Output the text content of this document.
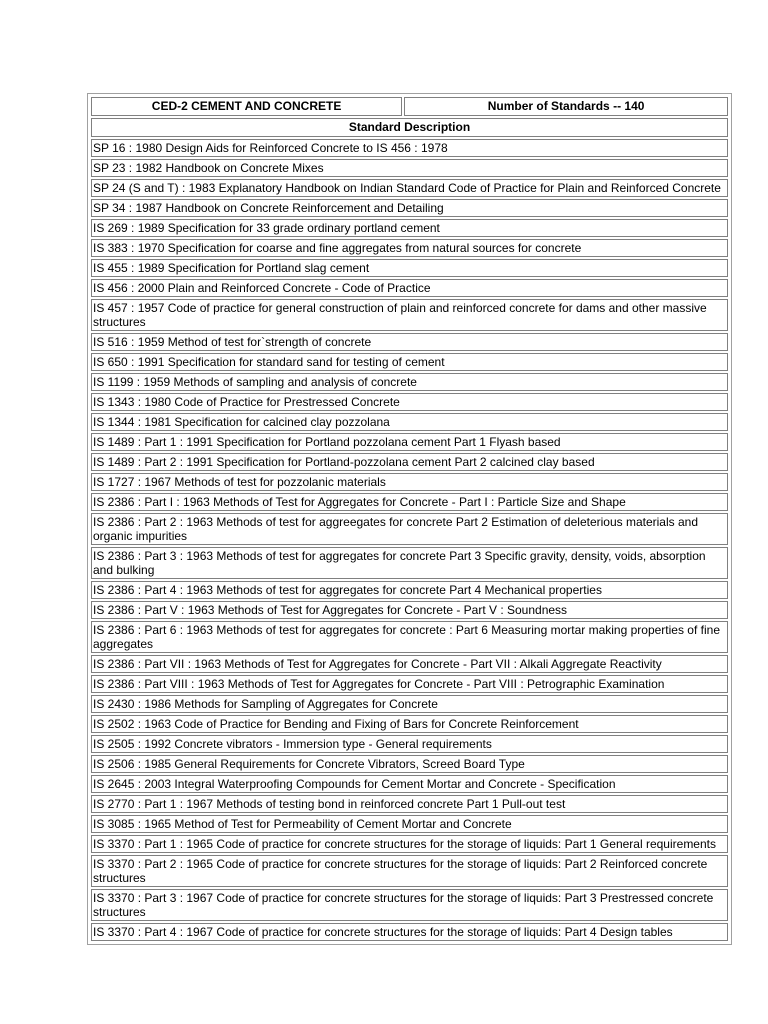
CED-2 CEMENT AND CONCRETE	Number of Standards -- 140
Standard Description
SP 16 : 1980 Design Aids for Reinforced Concrete to IS 456 : 1978
SP 23 : 1982 Handbook on Concrete Mixes
SP 24 (S and T) : 1983 Explanatory Handbook on Indian Standard Code of Practice for Plain and Reinforced Concrete
SP 34 : 1987 Handbook on Concrete Reinforcement and Detailing
IS 269 : 1989 Specification for 33 grade ordinary portland cement
IS 383 : 1970 Specification for coarse and fine aggregates from natural sources for concrete
IS 455 : 1989 Specification for Portland slag cement
IS 456 : 2000 Plain and Reinforced Concrete - Code of Practice
IS 457 : 1957 Code of practice for general construction of plain and reinforced concrete for dams and other massive structures
IS 516 : 1959 Method of test for`strength of concrete
IS 650 : 1991 Specification for standard sand for testing of cement
IS 1199 : 1959 Methods of sampling and analysis of concrete
IS 1343 : 1980 Code of Practice for Prestressed Concrete
IS 1344 : 1981 Specification for calcined clay pozzolana
IS 1489 : Part 1 : 1991 Specification for Portland pozzolana cement Part 1 Flyash based
IS 1489 : Part 2 : 1991 Specification for Portland-pozzolana cement Part 2 calcined clay based
IS 1727 : 1967 Methods of test for pozzolanic materials
IS 2386 : Part I : 1963 Methods of Test for Aggregates for Concrete - Part I : Particle Size and Shape
IS 2386 : Part 2 : 1963 Methods of test for aggreegates for concrete Part 2 Estimation of deleterious materials and organic impurities
IS 2386 : Part 3 : 1963 Methods of test for aggregates for concrete Part 3 Specific gravity, density, voids, absorption and bulking
IS 2386 : Part 4 : 1963 Methods of test for aggregates for concrete Part 4 Mechanical properties
IS 2386 : Part V : 1963 Methods of Test for Aggregates for Concrete - Part V : Soundness
IS 2386 : Part 6 : 1963 Methods of test for aggregates for concrete : Part 6 Measuring mortar making properties of fine aggregates
IS 2386 : Part VII : 1963 Methods of Test for Aggregates for Concrete - Part VII : Alkali Aggregate Reactivity
IS 2386 : Part VIII : 1963 Methods of Test for Aggregates for Concrete - Part VIII : Petrographic Examination
IS 2430 : 1986 Methods for Sampling of Aggregates for Concrete
IS 2502 : 1963 Code of Practice for Bending and Fixing of Bars for Concrete Reinforcement
IS 2505 : 1992 Concrete vibrators - Immersion type - General requirements
IS 2506 : 1985 General Requirements for Concrete Vibrators, Screed Board Type
IS 2645 : 2003 Integral Waterproofing Compounds for Cement Mortar and Concrete - Specification
IS 2770 : Part 1 : 1967 Methods of testing bond in reinforced concrete Part 1 Pull-out test
IS 3085 : 1965 Method of Test for Permeability of Cement Mortar and Concrete
IS 3370 : Part 1 : 1965 Code of practice for concrete structures for the storage of liquids: Part 1 General requirements
IS 3370 : Part 2 : 1965 Code of practice for concrete structures for the storage of liquids: Part 2 Reinforced concrete structures
IS 3370 : Part 3 : 1967 Code of practice for concrete structures for the storage of liquids: Part 3 Prestressed concrete structures
IS 3370 : Part 4 : 1967 Code of practice for concrete structures for the storage of liquids: Part 4 Design tables
